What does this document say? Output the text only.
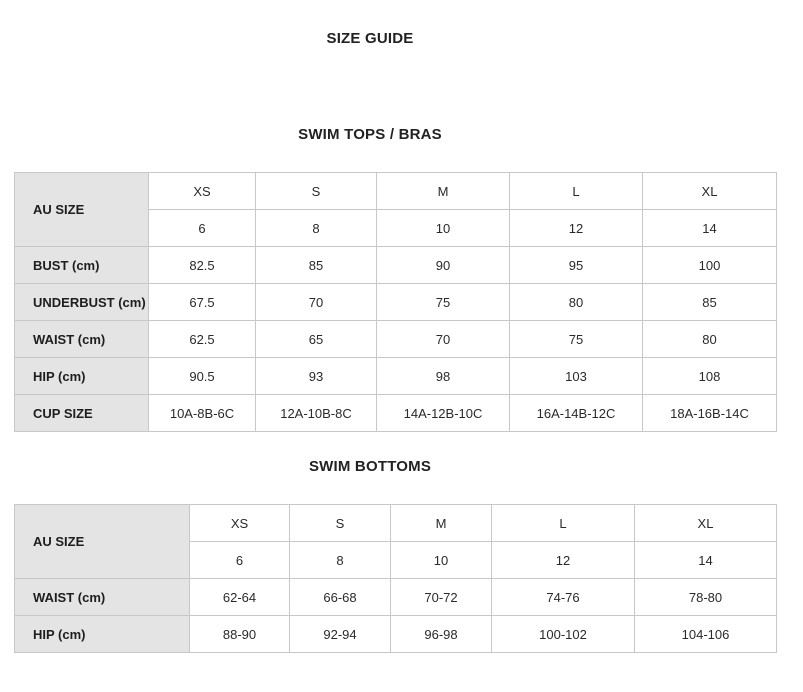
SIZE GUIDE
SWIM TOPS / BRAS
AU SIZE	XS	S	M	L	XL
	6	8	10	12	14
BUST (cm)	82.5	85	90	95	100
UNDERBUST (cm)	67.5	70	75	80	85
WAIST (cm)	62.5	65	70	75	80
HIP (cm)	90.5	93	98	103	108
CUP SIZE	10A-8B-6C	12A-10B-8C	14A-12B-10C	16A-14B-12C	18A-16B-14C
SWIM BOTTOMS
AU SIZE	XS	S	M	L	XL
	6	8	10	12	14
WAIST (cm)	62-64	66-68	70-72	74-76	78-80
HIP (cm)	88-90	92-94	96-98	100-102	104-106
